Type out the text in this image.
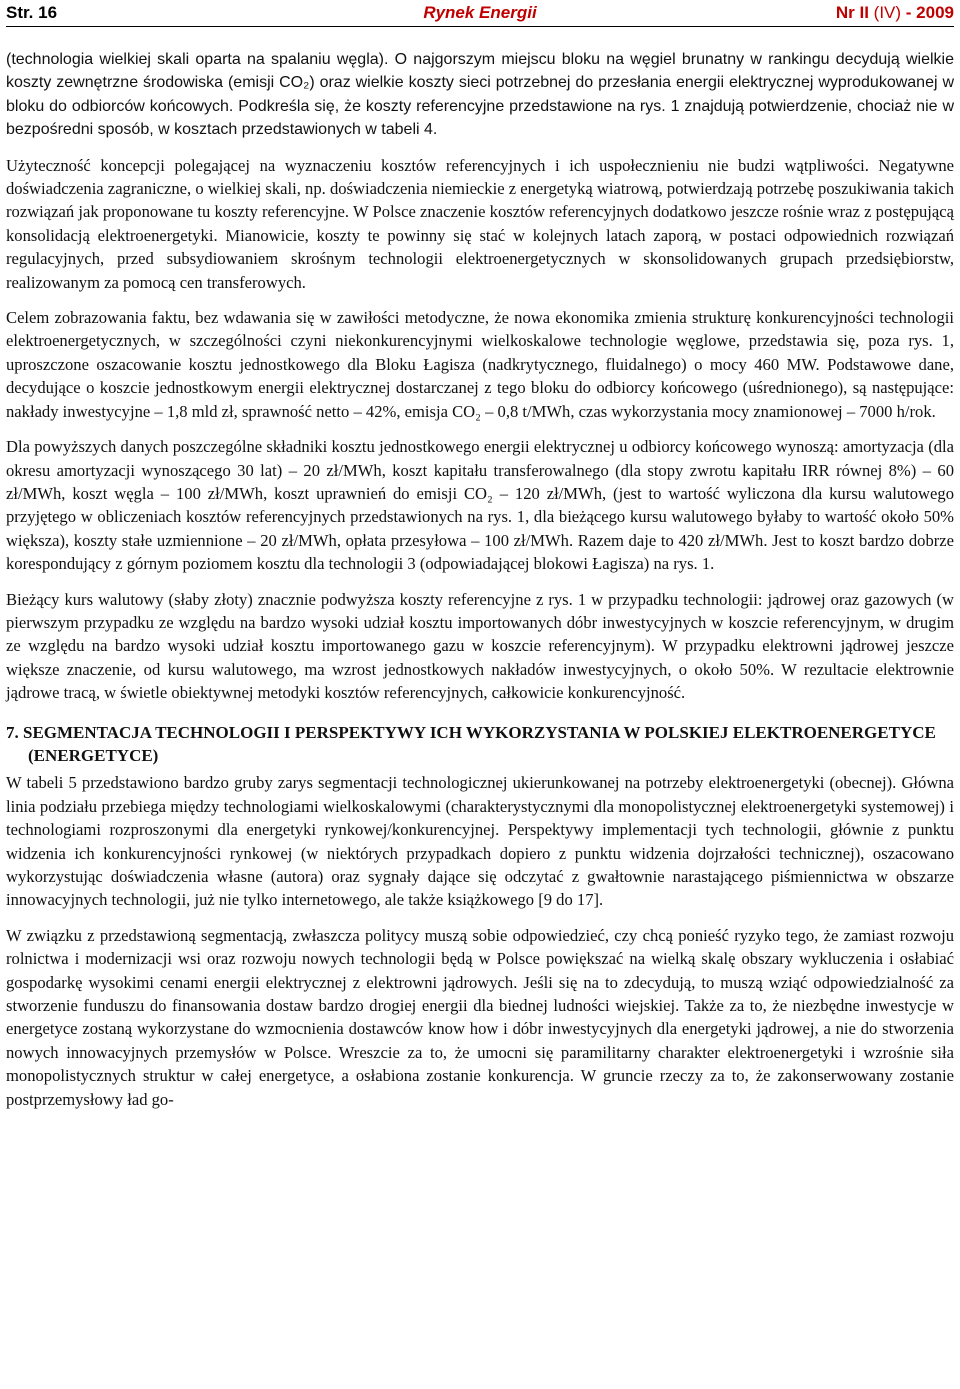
Str. 16	Rynek Energii	Nr II (IV) - 2009

(technologia wielkiej skali oparta na spalaniu węgla). O najgorszym miejscu bloku na węgiel brunatny w rankingu decydują wielkie koszty zewnętrzne środowiska (emisji CO₂) oraz wielkie koszty sieci potrzebnej do przesłania energii elektrycznej wyprodukowanej w bloku do odbiorców końcowych. Podkreśla się, że koszty referencyjne przedstawione na rys. 1 znajdują potwierdzenie, chociaż nie w bezpośredni sposób, w kosztach przedstawionych w tabeli 4.

Użyteczność koncepcji polegającej na wyznaczeniu kosztów referencyjnych i ich uspołecznieniu nie budzi wątpliwości. Negatywne doświadczenia zagraniczne, o wielkiej skali, np. doświadczenia niemieckie z energetyką wiatrową, potwierdzają potrzebę poszukiwania takich rozwiązań jak proponowane tu koszty referencyjne. W Polsce znaczenie kosztów referencyjnych dodatkowo jeszcze rośnie wraz z postępującą konsolidacją elektroenergetyki. Mianowicie, koszty te powinny się stać w kolejnych latach zaporą, w postaci odpowiednich rozwiązań regulacyjnych, przed subsydiowaniem skrośnym technologii elektroenergetycznych w skonsolidowanych grupach przedsiębiorstw, realizowanym za pomocą cen transferowych.

Celem zobrazowania faktu, bez wdawania się w zawiłości metodyczne, że nowa ekonomika zmienia strukturę konkurencyjności technologii elektroenergetycznych, w szczególności czyni niekonkurencyjnymi wielkoskalowe technologie węglowe, przedstawia się, poza rys. 1, uproszczone oszacowanie kosztu jednostkowego dla Bloku Łagisza (nadkrytycznego, fluidalnego) o mocy 460 MW. Podstawowe dane, decydujące o koszcie jednostkowym energii elektrycznej dostarczanej z tego bloku do odbiorcy końcowego (uśrednionego), są następujące: nakłady inwestycyjne – 1,8 mld zł, sprawność netto – 42%, emisja CO₂ – 0,8 t/MWh, czas wykorzystania mocy znamionowej – 7000 h/rok.

Dla powyższych danych poszczególne składniki kosztu jednostkowego energii elektrycznej u odbiorcy końcowego wynoszą: amortyzacja (dla okresu amortyzacji wynoszącego 30 lat) – 20 zł/MWh, koszt kapitału transferowalnego (dla stopy zwrotu kapitału IRR równej 8%) – 60 zł/MWh, koszt węgla – 100 zł/MWh, koszt uprawnień do emisji CO₂ – 120 zł/MWh, (jest to wartość wyliczona dla kursu walutowego przyjętego w obliczeniach kosztów referencyjnych przedstawionych na rys. 1, dla bieżącego kursu walutowego byłaby to wartość około 50% większa), koszty stałe uzmiennione – 20 zł/MWh, opłata przesyłowa – 100 zł/MWh. Razem daje to 420 zł/MWh. Jest to koszt bardzo dobrze korespondujący z górnym poziomem kosztu dla technologii 3 (odpowiadającej blokowi Łagisza) na rys. 1.

Bieżący kurs walutowy (słaby złoty) znacznie podwyższa koszty referencyjne z rys. 1 w przypadku technologii: jądrowej oraz gazowych (w pierwszym przypadku ze względu na bardzo wysoki udział kosztu importowanych dóbr inwestycyjnych w koszcie referencyjnym, w drugim ze względu na bardzo wysoki udział kosztu importowanego gazu w koszcie referencyjnym). W przypadku elektrowni jądrowej jeszcze większe znaczenie, od kursu walutowego, ma wzrost jednostkowych nakładów inwestycyjnych, o około 50%. W rezultacie elektrownie jądrowe tracą, w świetle obiektywnej metodyki kosztów referencyjnych, całkowicie konkurencyjność.

7. SEGMENTACJA TECHNOLOGII I PERSPEKTYWY ICH WYKORZYSTANIA W POLSKIEJ ELEKTROENERGETYCE (ENERGETYCE)

W tabeli 5 przedstawiono bardzo gruby zarys segmentacji technologicznej ukierunkowanej na potrzeby elektroenergetyki (obecnej). Główna linia podziału przebiega między technologiami wielkoskalowymi (charakterystycznymi dla monopolistycznej elektroenergetyki systemowej) i technologiami rozproszonymi dla energetyki rynkowej/konkurencyjnej. Perspektywy implementacji tych technologii, głównie z punktu widzenia ich konkurencyjności rynkowej (w niektórych przypadkach dopiero z punktu widzenia dojrzałości technicznej), oszacowano wykorzystując doświadczenia własne (autora) oraz sygnały dające się odczytać z gwałtownie narastającego piśmiennictwa w obszarze innowacyjnych technologii, już nie tylko internetowego, ale także książkowego [9 do 17].

W związku z przedstawioną segmentacją, zwłaszcza politycy muszą sobie odpowiedzieć, czy chcą ponieść ryzyko tego, że zamiast rozwoju rolnictwa i modernizacji wsi oraz rozwoju nowych technologii będą w Polsce powiększać na wielką skalę obszary wykluczenia i osłabiać gospodarkę wysokimi cenami energii elektrycznej z elektrowni jądrowych. Jeśli się na to zdecydują, to muszą wziąć odpowiedzialność za stworzenie funduszu do finansowania dostaw bardzo drogiej energii dla biednej ludności wiejskiej. Także za to, że niezbędne inwestycje w energetyce zostaną wykorzystane do wzmocnienia dostawców know how i dóbr inwestycyjnych dla energetyki jądrowej, a nie do stworzenia nowych innowacyjnych przemysłów w Polsce. Wreszcie za to, że umocni się paramilitarny charakter elektroenergetyki i wzrośnie siła monopolistycznych struktur w całej energetyce, a osłabiona zostanie konkurencja. W gruncie rzeczy za to, że zakonserwowany zostanie postprzemysłowy ład go-
